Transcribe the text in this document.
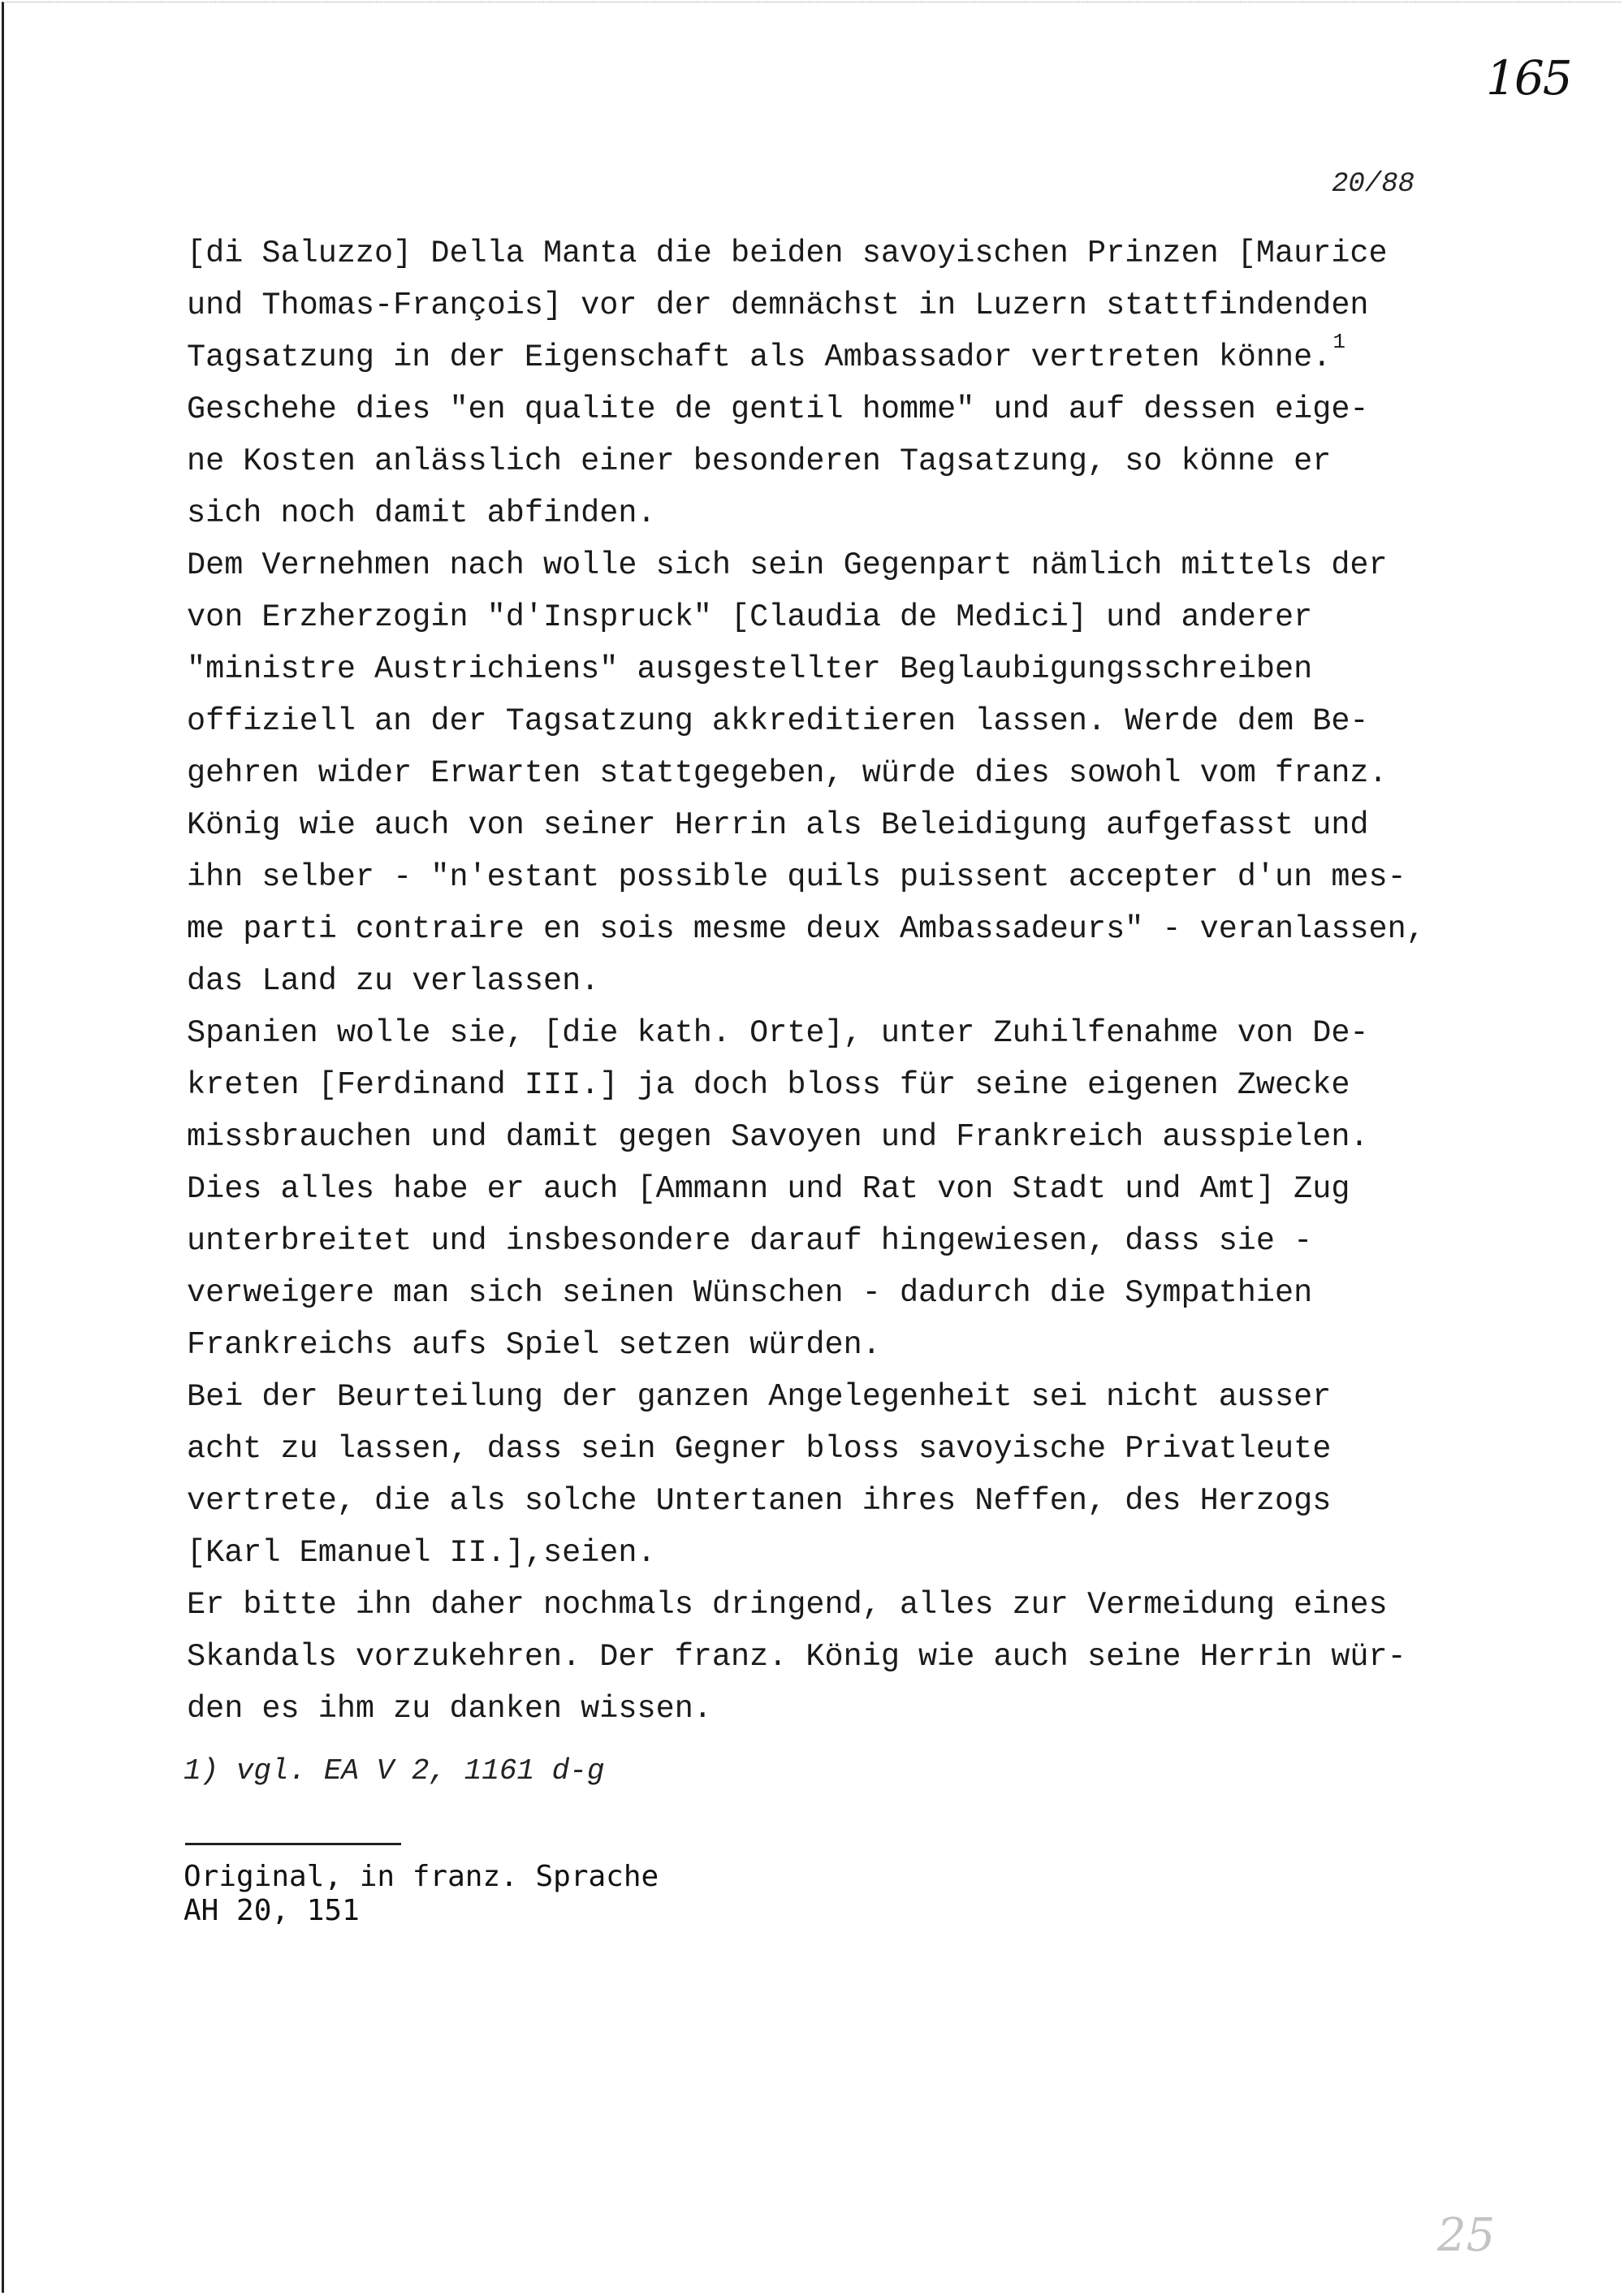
165
20/88
[di Saluzzo] Della Manta die beiden savoyischen Prinzen [Maurice
und Thomas-François] vor der demnächst in Luzern stattfindenden
Tagsatzung in der Eigenschaft als Ambassador vertreten könne.$^1$
Geschehe dies "en qualite de gentil homme" und auf dessen eige-
ne Kosten anlässlich einer besonderen Tagsatzung, so könne er
sich noch damit abfinden.
Dem Vernehmen nach wolle sich sein Gegenpart nämlich mittels der
von Erzherzogin "d'Inspruck" [Claudia de Medici] und anderer
"ministre Austrichiens" ausgestellter Beglaubigungsschreiben
offiziell an der Tagsatzung akkreditieren lassen. Werde dem Be-
gehren wider Erwarten stattgegeben, würde dies sowohl vom franz.
König wie auch von seiner Herrin als Beleidigung aufgefasst und
ihn selber - "n'estant possible quils puissent accepter d'un mes-
me parti contraire en sois mesme deux Ambassadeurs" - veranlassen,
das Land zu verlassen.
Spanien wolle sie, [die kath. Orte], unter Zuhilfenahme von De-
kreten [Ferdinand III.] ja doch bloss für seine eigenen Zwecke
missbrauchen und damit gegen Savoyen und Frankreich ausspielen.
Dies alles habe er auch [Ammann und Rat von Stadt und Amt] Zug
unterbreitet und insbesondere darauf hingewiesen, dass sie -
verweigere man sich seinen Wünschen - dadurch die Sympathien
Frankreichs aufs Spiel setzen würden.
Bei der Beurteilung der ganzen Angelegenheit sei nicht ausser
acht zu lassen, dass sein Gegner bloss savoyische Privatleute
vertrete, die als solche Untertanen ihres Neffen, des Herzogs
[Karl Emanuel II.],seien.
Er bitte ihn daher nochmals dringend, alles zur Vermeidung eines
Skandals vorzukehren. Der franz. König wie auch seine Herrin wür-
den es ihm zu danken wissen.
1) vgl. EA V 2, 1161 d-g
Original, in franz. Sprache
AH 20, 151
25
